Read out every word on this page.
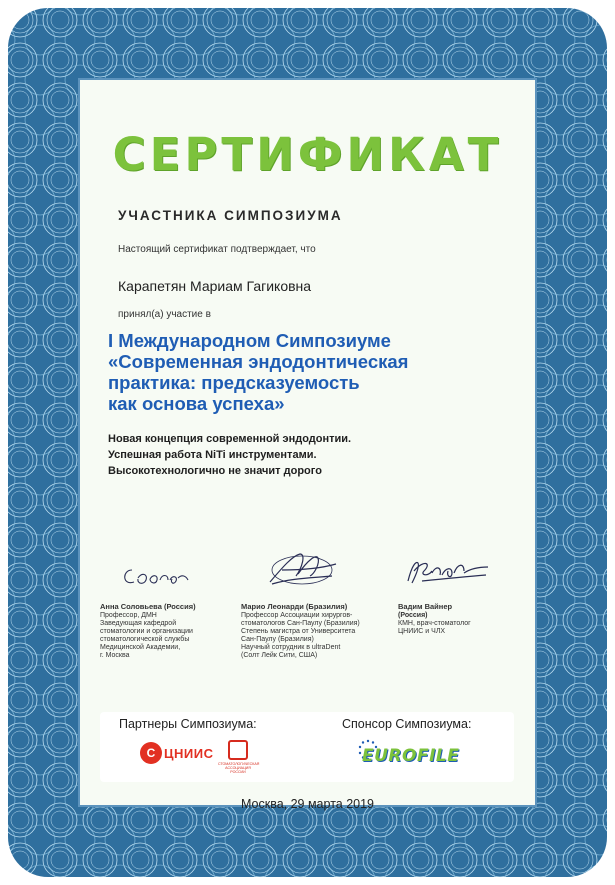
СЕРТИФИКАТ
УЧАСТНИКА СИМПОЗИУМА
Настоящий сертификат подтверждает, что
Карапетян Мариам Гагиковна
принял(а) участие в
I Международном Симпозиуме
«Современная эндодонтическая
практика: предсказуемость
как основа успеха»
Новая концепция современной эндодонтии.
Успешная работа NiTi инструментами.
Высокотехнологично не значит дорого
Анна Соловьева (Россия)
Профессор, ДМН
Заведующая кафедрой
стоматологии и организации
стоматологической службы
Медицинской Академии,
г. Москва
Марио Леонарди (Бразилия)
Профессор Ассоциации хирургов-
стоматологов Сан-Паулу (Бразилия)
Степень магистра от Университета
Сан-Паулу (Бразилия)
Научный сотрудник в ultraDent
(Солт Лейк Сити, США)
Вадим Вайнер
(Россия)
КМН, врач-стоматолог
ЦНИИС и ЧЛХ
Партнеры Симпозиума:	Спонсор Симпозиума:
С ЦНИИС
СТОМАТОЛОГИЧЕСКАЯ АССОЦИАЦИЯ РОССИИ
EUROFILE
Москва, 29 марта 2019
